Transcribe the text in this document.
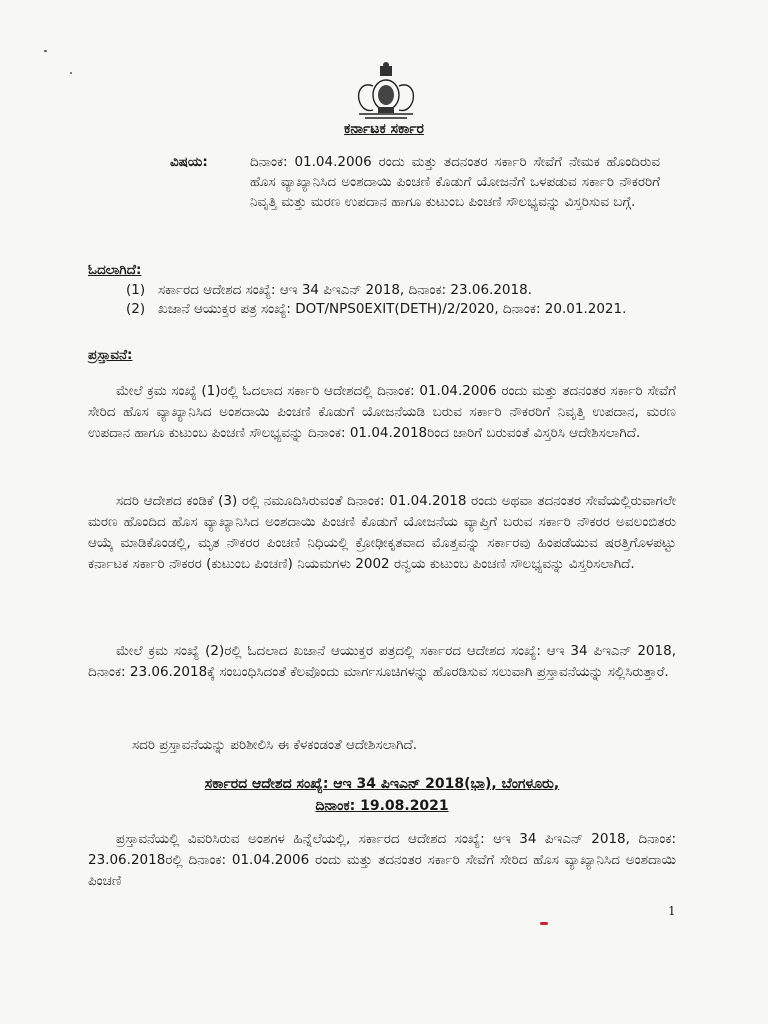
ಕರ್ನಾಟಕ ಸರ್ಕಾರ
ವಿಷಯ:	ದಿನಾಂಕ: 01.04.2006 ರಂದು ಮತ್ತು ತದನಂತರ ಸರ್ಕಾರಿ ಸೇವೆಗೆ ನೇಮಕ ಹೊಂದಿರುವ ಹೊಸ ವ್ಯಾಖ್ಯಾನಿಸಿದ ಅಂಶದಾಯಿ ಪಿಂಚಣಿ ಕೊಡುಗೆ ಯೋಜನೆಗೆ ಒಳಪಡುವ ಸರ್ಕಾರಿ ನೌಕರರಿಗೆ ನಿವೃತ್ತಿ ಮತ್ತು ಮರಣ ಉಪದಾನ ಹಾಗೂ ಕುಟುಂಬ ಪಿಂಚಣಿ ಸೌಲಭ್ಯವನ್ನು ವಿಸ್ತರಿಸುವ ಬಗ್ಗೆ.
ಓದಲಾಗಿದೆ:
(1) ಸರ್ಕಾರದ ಆದೇಶದ ಸಂಖ್ಯೆ: ಆಇ 34 ಪಿಇಎನ್ 2018, ದಿನಾಂಕ: 23.06.2018.
(2) ಖಜಾನೆ ಆಯುಕ್ತರ ಪತ್ರ ಸಂಖ್ಯೆ: DOT/NPS0EXIT(DETH)/2/2020, ದಿನಾಂಕ: 20.01.2021.
ಪ್ರಸ್ತಾವನೆ:
ಮೇಲೆ ಕ್ರಮ ಸಂಖ್ಯೆ (1)ರಲ್ಲಿ ಓದಲಾದ ಸರ್ಕಾರಿ ಆದೇಶದಲ್ಲಿ ದಿನಾಂಕ: 01.04.2006 ರಂದು ಮತ್ತು ತದನಂತರ ಸರ್ಕಾರಿ ಸೇವೆಗೆ ಸೇರಿದ ಹೊಸ ವ್ಯಾಖ್ಯಾನಿಸಿದ ಅಂಶದಾಯಿ ಪಿಂಚಣಿ ಕೊಡುಗೆ ಯೋಜನೆಯಡಿ ಬರುವ ಸರ್ಕಾರಿ ನೌಕರರಿಗೆ ನಿವೃತ್ತಿ ಉಪದಾನ, ಮರಣ ಉಪದಾನ ಹಾಗೂ ಕುಟುಂಬ ಪಿಂಚಣಿ ಸೌಲಭ್ಯವನ್ನು ದಿನಾಂಕ: 01.04.2018ರಿಂದ ಜಾರಿಗೆ ಬರುವಂತೆ ವಿಸ್ತರಿಸಿ ಆದೇಶಿಸಲಾಗಿದೆ.
ಸದರಿ ಆದೇಶದ ಕಂಡಿಕೆ (3) ರಲ್ಲಿ ನಮೂದಿಸಿರುವಂತೆ ದಿನಾಂಕ: 01.04.2018 ರಂದು ಅಥವಾ ತದನಂತರ ಸೇವೆಯಲ್ಲಿರುವಾಗಲೇ ಮರಣ ಹೊಂದಿದ ಹೊಸ ವ್ಯಾಖ್ಯಾನಿಸಿದ ಅಂಶದಾಯಿ ಪಿಂಚಣಿ ಕೊಡುಗೆ ಯೋಜನೆಯ ವ್ಯಾಪ್ತಿಗೆ ಬರುವ ಸರ್ಕಾರಿ ನೌಕರರ ಅವಲಂಬಿತರು ಆಯ್ಕೆ ಮಾಡಿಕೊಂಡಲ್ಲಿ, ಮೃತ ನೌಕರರ ಪಿಂಚಣಿ ನಿಧಿಯಲ್ಲಿ ಕ್ರೋಢೀಕೃತವಾದ ಮೊತ್ತವನ್ನು ಸರ್ಕಾರವು ಹಿಂಪಡೆಯುವ ಷರತ್ತಿಗೊಳಪಟ್ಟು ಕರ್ನಾಟಕ ಸರ್ಕಾರಿ ನೌಕರರ (ಕುಟುಂಬ ಪಿಂಚಣಿ) ನಿಯಮಗಳು 2002 ರನ್ವಯ ಕುಟುಂಬ ಪಿಂಚಣಿ ಸೌಲಭ್ಯವನ್ನು ವಿಸ್ತರಿಸಲಾಗಿದೆ.
ಮೇಲೆ ಕ್ರಮ ಸಂಖ್ಯೆ (2)ರಲ್ಲಿ ಓದಲಾದ ಖಜಾನೆ ಆಯುಕ್ತರ ಪತ್ರದಲ್ಲಿ ಸರ್ಕಾರದ ಆದೇಶದ ಸಂಖ್ಯೆ: ಆಇ 34 ಪಿಇಎನ್ 2018, ದಿನಾಂಕ: 23.06.2018ಕ್ಕೆ ಸಂಬಂಧಿಸಿದಂತೆ ಕೆಲವೊಂದು ಮಾರ್ಗಸೂಚಿಗಳನ್ನು ಹೊರಡಿಸುವ ಸಲುವಾಗಿ ಪ್ರಸ್ತಾವನೆಯನ್ನು ಸಲ್ಲಿಸಿರುತ್ತಾರೆ.
ಸದರಿ ಪ್ರಸ್ತಾವನೆಯನ್ನು ಪರಿಶೀಲಿಸಿ ಈ ಕೆಳಕಂಡಂತೆ ಆದೇಶಿಸಲಾಗಿದೆ.
ಸರ್ಕಾರದ ಆದೇಶದ ಸಂಖ್ಯೆ: ಆಇ 34 ಪಿಇಎನ್ 2018(ಭಾ), ಬೆಂಗಳೂರು,
ದಿನಾಂಕ: 19.08.2021
ಪ್ರಸ್ತಾವನೆಯಲ್ಲಿ ವಿವರಿಸಿರುವ ಅಂಶಗಳ ಹಿನ್ನೆಲೆಯಲ್ಲಿ, ಸರ್ಕಾರದ ಆದೇಶದ ಸಂಖ್ಯೆ: ಆಇ 34 ಪಿಇಎನ್ 2018, ದಿನಾಂಕ: 23.06.2018ರಲ್ಲಿ ದಿನಾಂಕ: 01.04.2006 ರಂದು ಮತ್ತು ತದನಂತರ ಸರ್ಕಾರಿ ಸೇವೆಗೆ ಸೇರಿದ ಹೊಸ ವ್ಯಾಖ್ಯಾನಿಸಿದ ಅಂಶದಾಯಿ ಪಿಂಚಣಿ
1
